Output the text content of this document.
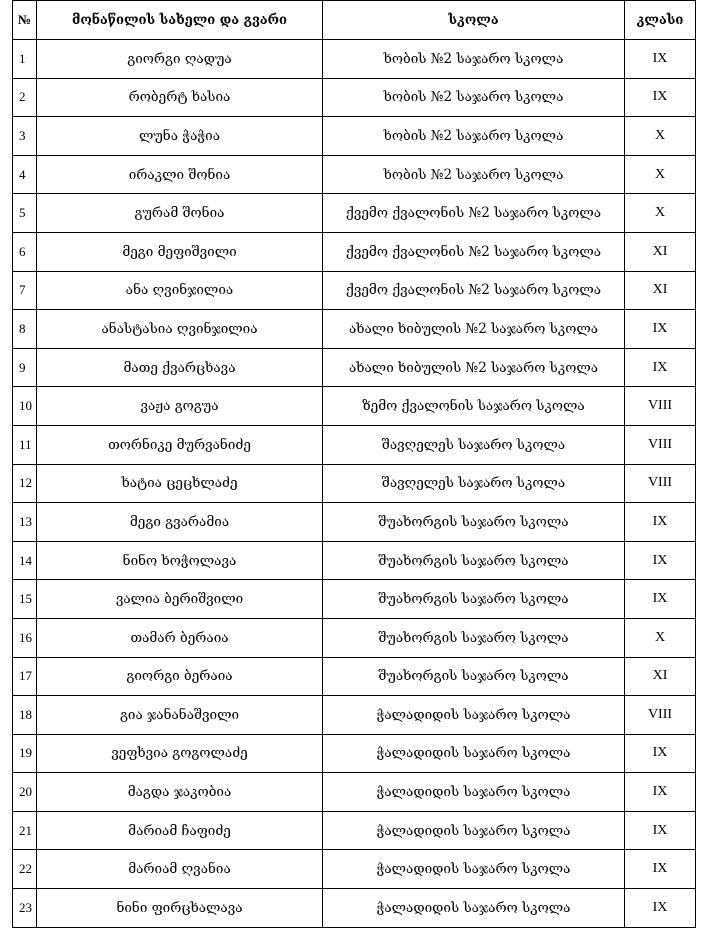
№	მონაწილის სახელი და გვარი	სკოლა	კლასი
1	გიორგი ღადუა	ხობის №2 საჯარო სკოლა	IX
2	რობერტ ხასია	ხობის №2 საჯარო სკოლა	IX
3	ლუნა ჭაჭია	ხობის №2 საჯარო სკოლა	X
4	ირაკლი შონია	ხობის №2 საჯარო სკოლა	X
5	გურამ შონია	ქვემო ქვალონის №2 საჯარო სკოლა	X
6	მეგი მეფიშვილი	ქვემო ქვალონის №2 საჯარო სკოლა	XI
7	ანა ღვინჯილია	ქვემო ქვალონის №2 საჯარო სკოლა	XI
8	ანასტასია ღვინჯილია	ახალი ხიბულის №2 საჯარო სკოლა	IX
9	მათე ქვარცხავა	ახალი ხიბულის №2 საჯარო სკოლა	IX
10	ვაჟა გოგუა	ზემო ქვალონის საჯარო სკოლა	VIII
11	თორნიკე მურვანიძე	შავღელეს საჯარო სკოლა	VIII
12	ხატია ცეცხლაძე	შავღელეს საჯარო სკოლა	VIII
13	მეგი გვარამია	შუახორგის საჯარო სკოლა	IX
14	ნინო ხოჭოლავა	შუახორგის საჯარო სკოლა	IX
15	ვალია ბერიშვილი	შუახორგის საჯარო სკოლა	IX
16	თამარ ბერაია	შუახორგის საჯარო სკოლა	X
17	გიორგი ბერაია	შუახორგის საჯარო სკოლა	XI
18	გია ჯანანაშვილი	ჭალადიდის საჯარო სკოლა	VIII
19	ვეფხვია გოგოლაძე	ჭალადიდის საჯარო სკოლა	IX
20	მაგდა ჯაკობია	ჭალადიდის საჯარო სკოლა	IX
21	მარიამ ჩაფიძე	ჭალადიდის საჯარო სკოლა	IX
22	მარიამ ღვანია	ჭალადიდის საჯარო სკოლა	IX
23	ნინი ფირცხალავა	ჭალადიდის საჯარო სკოლა	IX
